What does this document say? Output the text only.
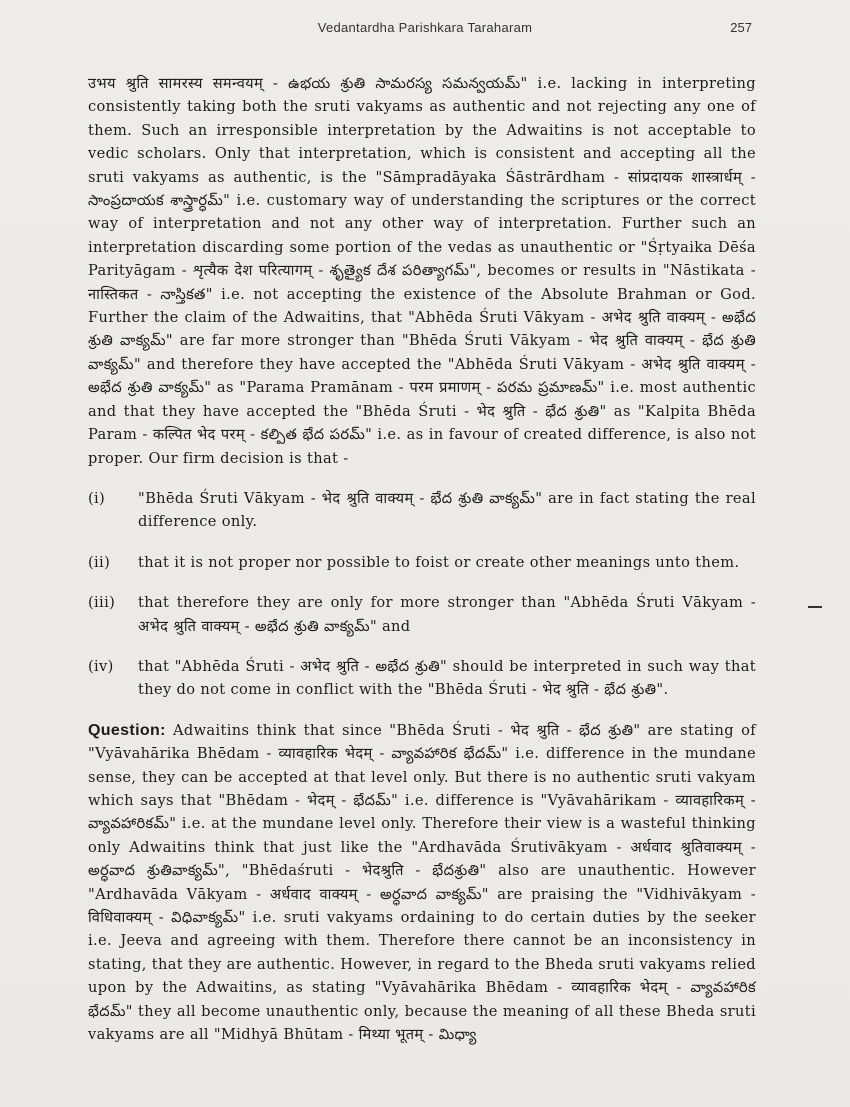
Vedantardha Parishkara Taraharam	257

उभय श्रुति सामरस्य समन्वयम् - ఉభయ శ్రుతి సామరస్య సమన్వయమ్" i.e. lacking in interpreting consistently taking both the sruti vakyams as authentic and not rejecting any one of them. Such an irresponsible interpretation by the Adwaitins is not acceptable to vedic scholars. Only that interpretation, which is consistent and accepting all the sruti vakyams as authentic, is the "Sāmpradāyaka Śāstrārdham - सांप्रदायक शास्त्रार्धम् - సాంప్రదాయక శాస్త్రార్ధమ్" i.e. customary way of understanding the scriptures or the correct way of interpretation and not any other way of interpretation. Further such an interpretation discarding some portion of the vedas as unauthentic or "Śṛtyaika Dēśa Parityāgam - शृत्यैक देश परित्यागम् - శృత్యైక దేశ పరిత్యాగమ్", becomes or results in "Nāstikata - नास्तिकत - నాస్తికత" i.e. not accepting the existence of the Absolute Brahman or God. Further the claim of the Adwaitins, that "Abhēda Śruti Vākyam - अभेद श्रुति वाक्यम् - అభేద శ్రుతి వాక్యమ్" are far more stronger than "Bhēda Śruti Vākyam - भेद श्रुति वाक्यम् - భేద శ్రుతి వాక్యమ్" and therefore they have accepted the "Abhēda Śruti Vākyam - अभेद श्रुति वाक्यम् - అభేద శ్రుతి వాక్యమ్" as "Parama Pramānam - परम प्रमाणम् - పరమ ప్రమాణమ్" i.e. most authentic and that they have accepted the "Bhēda Śruti - भेद श्रुति - భేద శ్రుతి" as "Kalpita Bhēda Param - कल्पित भेद परम् - కల్పిత భేద పరమ్" i.e. as in favour of created difference, is also not proper. Our firm decision is that -

(i)	"Bhēda Śruti Vākyam - भेद श्रुति वाक्यम् - భేద శ్రుతి వాక్యమ్" are in fact stating the real difference only.
(ii)	that it is not proper nor possible to foist or create other meanings unto them.
(iii)	that therefore they are only for more stronger than "Abhēda Śruti Vākyam - अभेद श्रुति वाक्यम् - అభేద శ్రుతి వాక్యమ్" and
(iv)	that "Abhēda Śruti - अभेद श्रुति - అభేద శ్రుతి" should be interpreted in such way that they do not come in conflict with the "Bhēda Śruti - भेद श्रुति - భేద శ్రుతి".

Question: Adwaitins think that since "Bhēda Śruti - भेद श्रुति - భేద శ్రుతి" are stating of "Vyāvahārika Bhēdam - व्यावहारिक भेदम् - వ్యావహారిక భేదమ్" i.e. difference in the mundane sense, they can be accepted at that level only. But there is no authentic sruti vakyam which says that "Bhēdam - भेदम् - భేదమ్" i.e. difference is "Vyāvahārikam - व्यावहारिकम् - వ్యావహారికమ్" i.e. at the mundane level only. Therefore their view is a wasteful thinking only Adwaitins think that just like the "Ardhavāda Śrutivākyam - अर्धवाद श्रुतिवाक्यम् - అర్ధవాద శ్రుతివాక్యమ్", "Bhēdaśruti - भेदश्रुति - భేదశ్రుతి" also are unauthentic. However "Ardhavāda Vākyam - अर्धवाद वाक्यम् - అర్ధవాద వాక్యమ్" are praising the "Vidhivākyam - विधिवाक्यम् - విధివాక్యమ్" i.e. sruti vakyams ordaining to do certain duties by the seeker i.e. Jeeva and agreeing with them. Therefore there cannot be an inconsistency in stating, that they are authentic. However, in regard to the Bheda sruti vakyams relied upon by the Adwaitins, as stating "Vyāvahārika Bhēdam - व्यावहारिक भेदम् - వ్యావహారిక భేదమ్" they all become unauthentic only, because the meaning of all these Bheda sruti vakyams are all "Midhyā Bhūtam - मिथ्या भूतम् - మిధ్యా
